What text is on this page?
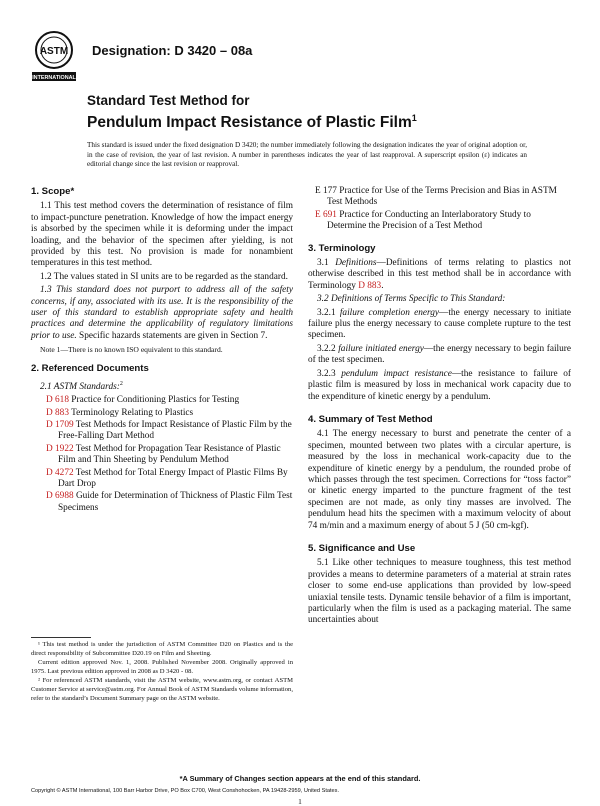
ASTM
INTERNATIONAL
Designation: D 3420 – 08a
Standard Test Method for
Pendulum Impact Resistance of Plastic Film$^1$
This standard is issued under the fixed designation D 3420; the number immediately following the designation indicates the year of original adoption or, in the case of revision, the year of last revision. A number in parentheses indicates the year of last reapproval. A superscript epsilon (ε) indicates an editorial change since the last revision or reapproval.
1. Scope*

1.1 This test method covers the determination of resistance of film to impact-puncture penetration. Knowledge of how the impact energy is absorbed by the specimen while it is deforming under the impact loading, and the behavior of the specimen after yielding, is not provided by this test. No provision is made for nonambient temperatures in this test method.

1.2 The values stated in SI units are to be regarded as the standard.

1.3 This standard does not purport to address all of the safety concerns, if any, associated with its use. It is the responsibility of the user of this standard to establish appropriate safety and health practices and determine the applicability of regulatory limitations prior to use. Specific hazards statements are given in Section 7.

Note 1—There is no known ISO equivalent to this standard.
2. Referenced Documents

2.1 ASTM Standards:$^2$

D 618 Practice for Conditioning Plastics for Testing

D 883 Terminology Relating to Plastics

D 1709 Test Methods for Impact Resistance of Plastic Film by the Free-Falling Dart Method

D 1922 Test Method for Propagation Tear Resistance of Plastic Film and Thin Sheeting by Pendulum Method

D 4272 Test Method for Total Energy Impact of Plastic Films By Dart Drop

D 6988 Guide for Determination of Thickness of Plastic Film Test Specimens

¹ This test method is under the jurisdiction of ASTM Committee D20 on Plastics and is the direct responsibility of Subcommittee D20.19 on Film and Sheeting.

Current edition approved Nov. 1, 2008. Published November 2008. Originally approved in 1975. Last previous edition approved in 2008 as D 3420 - 08.

² For referenced ASTM standards, visit the ASTM website, www.astm.org, or contact ASTM Customer Service at service@astm.org. For Annual Book of ASTM Standards volume information, refer to the standard’s Document Summary page on the ASTM website.

E 177 Practice for Use of the Terms Precision and Bias in ASTM Test Methods

E 691 Practice for Conducting an Interlaboratory Study to Determine the Precision of a Test Method

3. Terminology

3.1 Definitions—Definitions of terms relating to plastics not otherwise described in this test method shall be in accordance with Terminology D 883.

3.2 Definitions of Terms Specific to This Standard:

3.2.1 failure completion energy—the energy necessary to initiate failure plus the energy necessary to cause complete rupture to the test specimen.

3.2.2 failure initiated energy—the energy necessary to begin failure of the test specimen.

3.2.3 pendulum impact resistance—the resistance to failure of plastic film is measured by loss in mechanical work capacity due to the expenditure of kinetic energy by a pendulum.

4. Summary of Test Method

4.1 The energy necessary to burst and penetrate the center of a specimen, mounted between two plates with a circular aperture, is measured by the loss in mechanical work-capacity due to the expenditure of kinetic energy by a pendulum, the rounded probe of which passes through the test specimen. Corrections for “toss factor” or kinetic energy imparted to the puncture fragment of the test specimen are not made, as only tiny masses are involved. The pendulum head hits the specimen with a maximum velocity of about 74 m/min and a maximum energy of about 5 J (50 cm-kgf).

5. Significance and Use

5.1 Like other techniques to measure toughness, this test method provides a means to determine parameters of a material at strain rates closer to some end-use applications than provided by low-speed uniaxial tensile tests. Dynamic tensile behavior of a film is important, particularly when the film is used as a packaging material. The same uncertainties about

*A Summary of Changes section appears at the end of this standard.
Copyright © ASTM International, 100 Barr Harbor Drive, PO Box C700, West Conshohocken, PA 19428-2959, United States.
1
